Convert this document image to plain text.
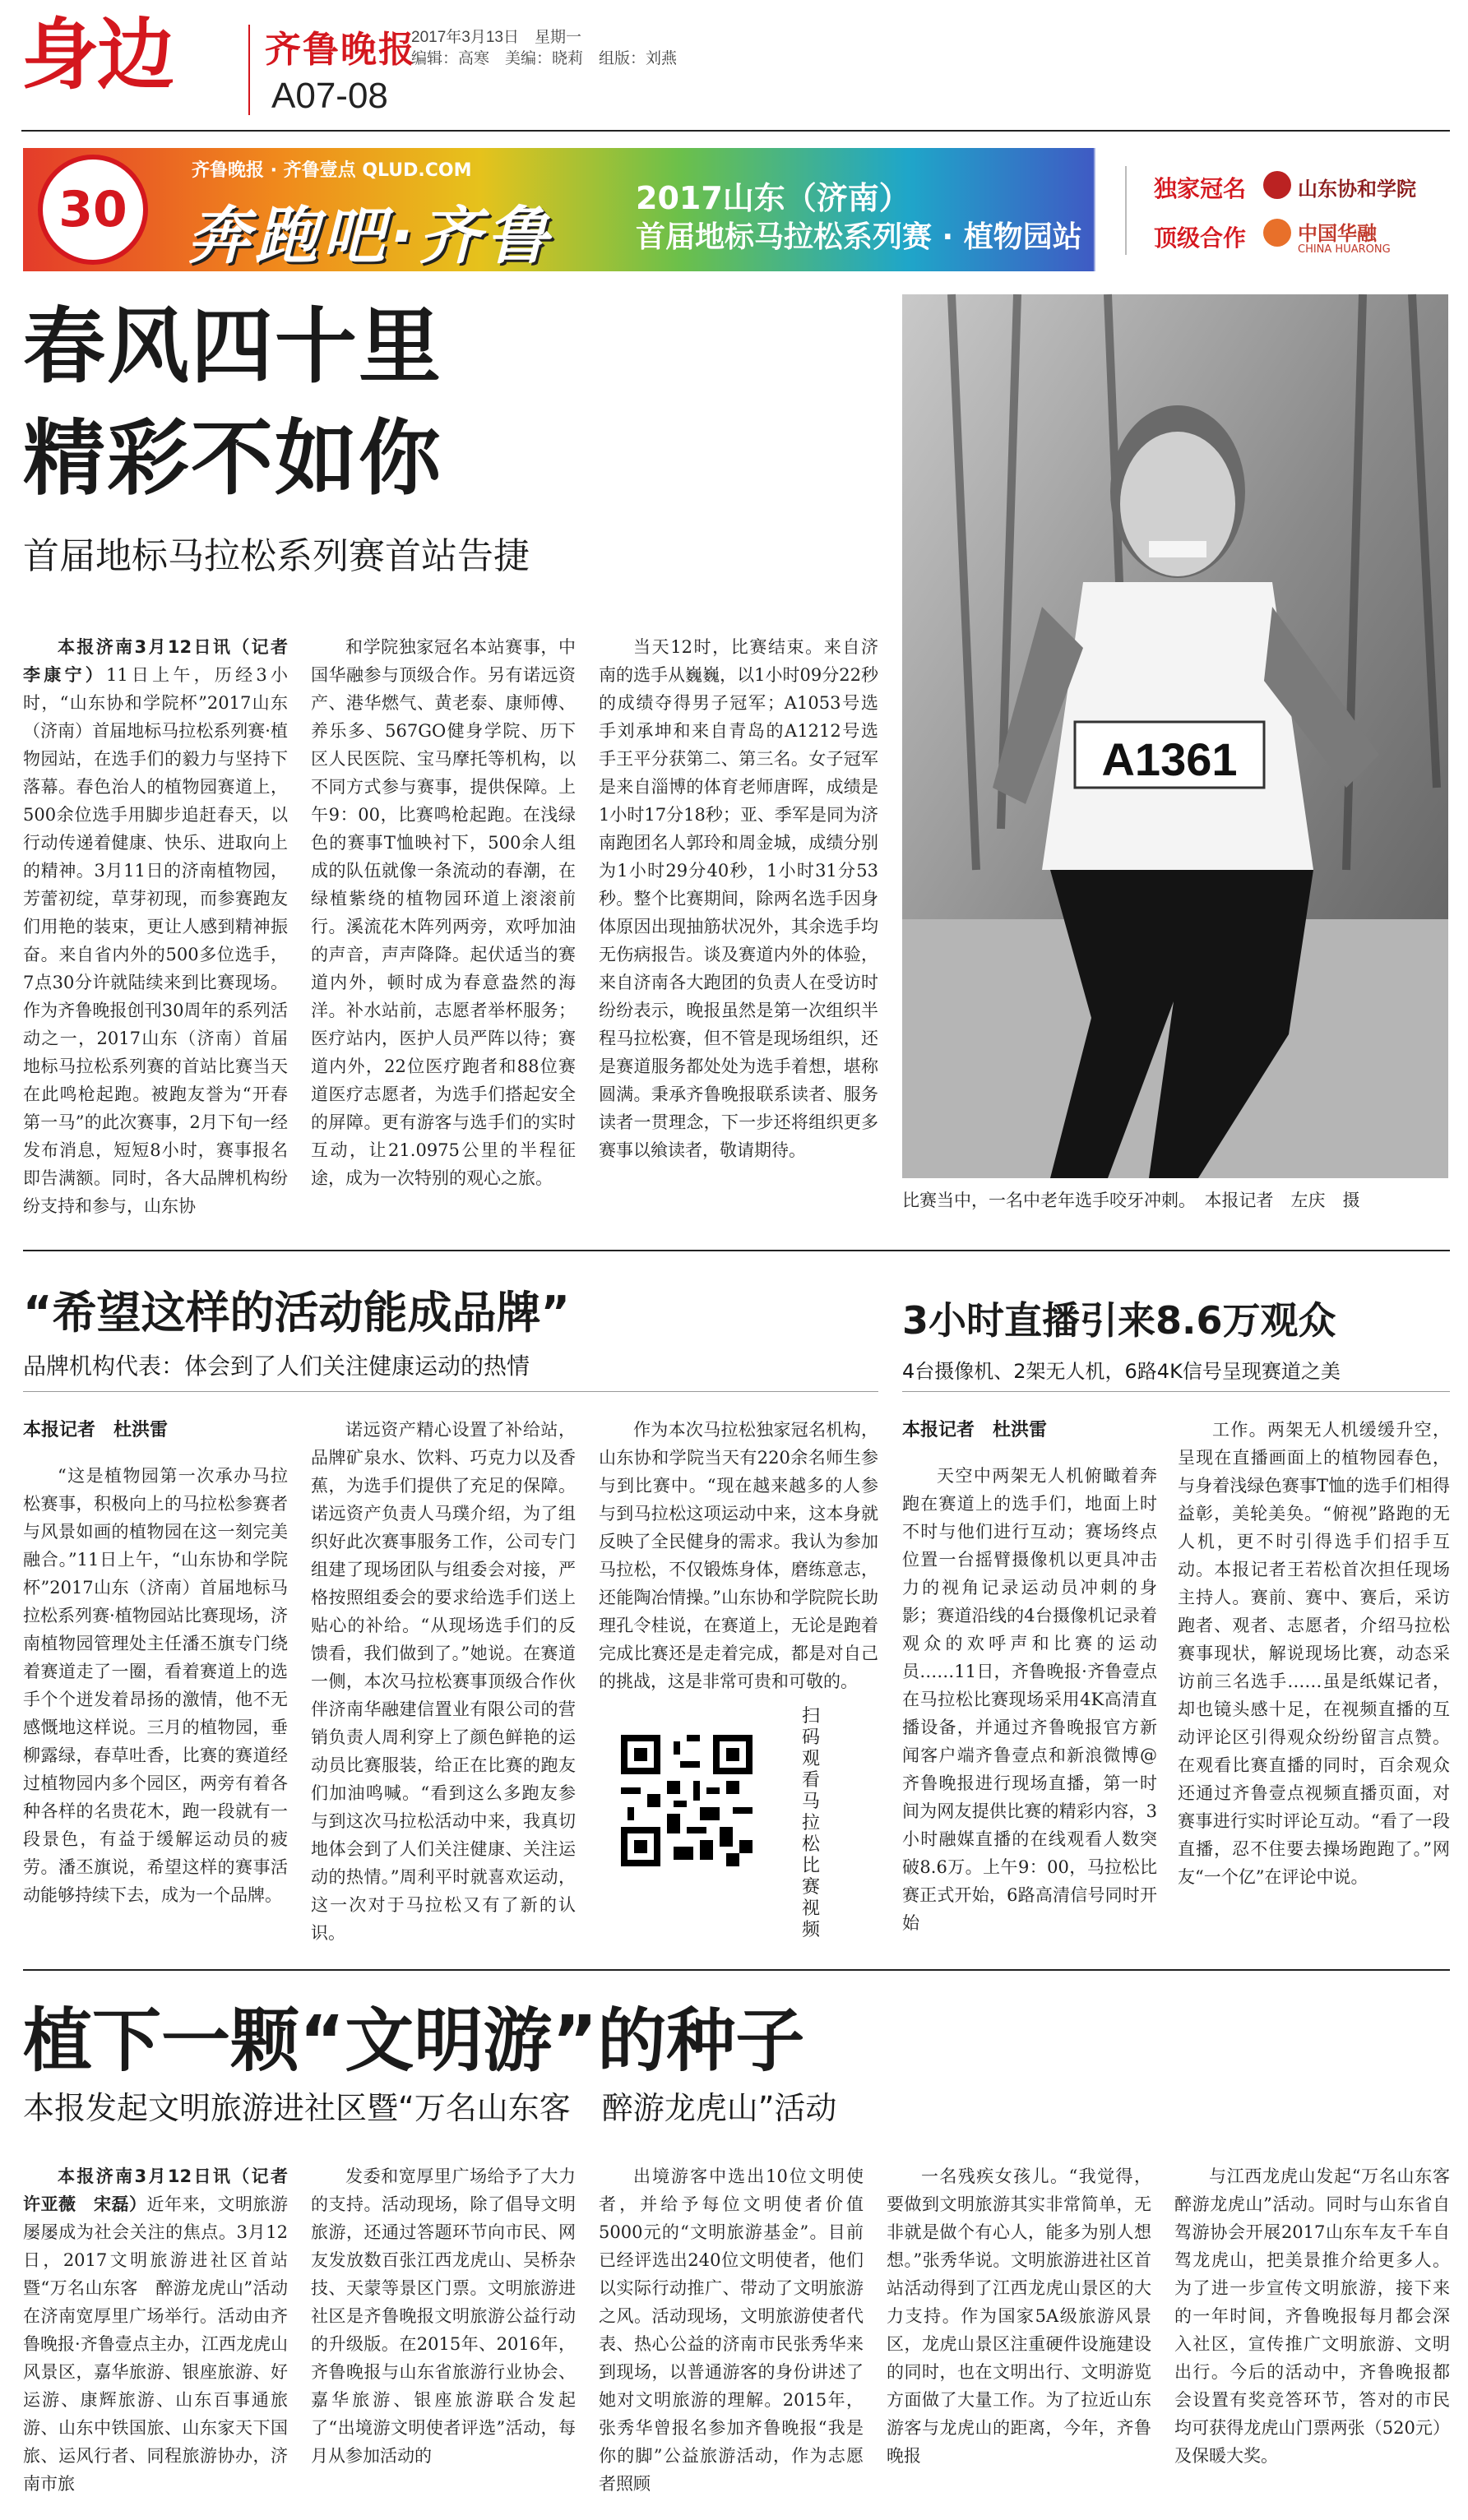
身边	齐鲁晚报
A07-08
2017年3月13日　星期一
编辑：高寒　美编：晓莉　组版：刘燕
30
齐鲁晚报 · 齐鲁壹点 QLUD.COM
奔跑吧·齐鲁
2017山东（济南）
首届地标马拉松系列赛 · 植物园站
独家冠名	山东协和学院
顶级合作	中国华融
CHINA HUARONG
春风四十里
精彩不如你
首届地标马拉松系列赛首站告捷

本报济南3月12日讯（记者 李康宁）11日上午，历经3小时，“山东协和学院杯”2017山东（济南）首届地标马拉松系列赛·植物园站，在选手们的毅力与坚持下落幕。春色治人的植物园赛道上，500余位选手用脚步追赶春天，以行动传递着健康、快乐、进取向上的精神。3月11日的济南植物园，芳蕾初绽，草芽初现，而参赛跑友们用艳的装束，更让人感到精神振奋。来自省内外的500多位选手，7点30分许就陆续来到比赛现场。作为齐鲁晚报创刊30周年的系列活动之一，2017山东（济南）首届地标马拉松系列赛的首站比赛当天在此鸣枪起跑。被跑友誉为“开春第一马”的此次赛事，2月下旬一经发布消息，短短8小时，赛事报名即告满额。同时，各大品牌机构纷纷支持和参与，山东协

和学院独家冠名本站赛事，中国华融参与顶级合作。另有诺远资产、港华燃气、黄老泰、康师傅、养乐多、567GO健身学院、历下区人民医院、宝马摩托等机构，以不同方式参与赛事，提供保障。上午9：00，比赛鸣枪起跑。在浅绿色的赛事T恤映衬下，500余人组成的队伍就像一条流动的春潮，在绿植紫绕的植物园环道上滚滚前行。溪流花木阵列两旁，欢呼加油的声音，声声降降。起伏适当的赛道内外，顿时成为春意盎然的海洋。补水站前，志愿者举杯服务；医疗站内，医护人员严阵以待；赛道内外，22位医疗跑者和88位赛道医疗志愿者，为选手们搭起安全的屏障。更有游客与选手们的实时互动，让21.0975公里的半程征途，成为一次特别的观心之旅。

当天12时，比赛结束。来自济南的选手从巍巍，以1小时09分22秒的成绩夺得男子冠军；A1053号选手刘承坤和来自青岛的A1212号选手王平分获第二、第三名。女子冠军是来自淄博的体育老师唐晖，成绩是1小时17分18秒；亚、季军是同为济南跑团名人郭玲和周金城，成绩分别为1小时29分40秒，1小时31分53秒。整个比赛期间，除两名选手因身体原因出现抽筋状况外，其余选手均无伤病报告。谈及赛道内外的体验，来自济南各大跑团的负责人在受访时纷纷表示，晚报虽然是第一次组织半程马拉松赛，但不管是现场组织，还是赛道服务都处处为选手着想，堪称圆满。秉承齐鲁晚报联系读者、服务读者一贯理念，下一步还将组织更多赛事以飨读者，敬请期待。

A1361
比赛当中，一名中老年选手咬牙冲刺。　本报记者　左庆　摄
“希望这样的活动能成品牌”
品牌机构代表：体会到了人们关注健康运动的热情
本报记者　杜洪雷

“这是植物园第一次承办马拉松赛事，积极向上的马拉松参赛者与风景如画的植物园在这一刻完美融合。”11日上午，“山东协和学院杯”2017山东（济南）首届地标马拉松系列赛·植物园站比赛现场，济南植物园管理处主任潘丕旗专门绕着赛道走了一圈，看着赛道上的选手个个迸发着昂扬的激情，他不无感慨地这样说。三月的植物园，垂柳露绿，春草吐香，比赛的赛道经过植物园内多个园区，两旁有着各种各样的名贵花木，跑一段就有一段景色，有益于缓解运动员的疲劳。潘丕旗说，希望这样的赛事活动能够持续下去，成为一个品牌。

诺远资产精心设置了补给站，品牌矿泉水、饮料、巧克力以及香蕉，为选手们提供了充足的保障。诺远资产负责人马璞介绍，为了组织好此次赛事服务工作，公司专门组建了现场团队与组委会对接，严格按照组委会的要求给选手们送上贴心的补给。“从现场选手们的反馈看，我们做到了。”她说。在赛道一侧，本次马拉松赛事顶级合作伙伴济南华融建信置业有限公司的营销负责人周利穿上了颜色鲜艳的运动员比赛服装，给正在比赛的跑友们加油鸣喊。“看到这么多跑友参与到这次马拉松活动中来，我真切地体会到了人们关注健康、关注运动的热情。”周利平时就喜欢运动，这一次对于马拉松又有了新的认识。

作为本次马拉松独家冠名机构，山东协和学院当天有220余名师生参与到比赛中。“现在越来越多的人参与到马拉松这项运动中来，这本身就反映了全民健身的需求。我认为参加马拉松，不仅锻炼身体，磨练意志，还能陶冶情操。”山东协和学院院长助理孔令桂说，在赛道上，无论是跑着完成比赛还是走着完成，都是对自己的挑战，这是非常可贵和可敬的。

扫码观看马拉松比赛视频
3小时直播引来8.6万观众
4台摄像机、2架无人机，6路4K信号呈现赛道之美
本报记者　杜洪雷

天空中两架无人机俯瞰着奔跑在赛道上的选手们，地面上时不时与他们进行互动；赛场终点位置一台摇臂摄像机以更具冲击力的视角记录运动员冲刺的身影；赛道沿线的4台摄像机记录着观众的欢呼声和比赛的运动员……11日，齐鲁晚报·齐鲁壹点在马拉松比赛现场采用4K高清直播设备，并通过齐鲁晚报官方新闻客户端齐鲁壹点和新浪微博@齐鲁晚报进行现场直播，第一时间为网友提供比赛的精彩内容，3小时融媒直播的在线观看人数突破8.6万。上午9：00，马拉松比赛正式开始，6路高清信号同时开始

工作。两架无人机缓缓升空，呈现在直播画面上的植物园春色，与身着浅绿色赛事T恤的选手们相得益彰，美轮美奂。“俯视”路跑的无人机，更不时引得选手们招手互动。本报记者王若松首次担任现场主持人。赛前、赛中、赛后，采访跑者、观者、志愿者，介绍马拉松赛事现状，解说现场比赛，动态采访前三名选手……虽是纸媒记者，却也镜头感十足，在视频直播的互动评论区引得观众纷纷留言点赞。在观看比赛直播的同时，百余观众还通过齐鲁壹点视频直播页面，对赛事进行实时评论互动。“看了一段直播，忍不住要去操场跑跑了。”网友“一个亿”在评论中说。

植下一颗“文明游”的种子
本报发起文明旅游进社区暨“万名山东客　醉游龙虎山”活动

本报济南3月12日讯（记者 许亚薇　宋磊）近年来，文明旅游屡屡成为社会关注的焦点。3月12日，2017文明旅游进社区首站暨“万名山东客　醉游龙虎山”活动在济南宽厚里广场举行。活动由齐鲁晚报·齐鲁壹点主办，江西龙虎山风景区，嘉华旅游、银座旅游、好运游、康辉旅游、山东百事通旅游、山东中铁国旅、山东家天下国旅、运风行者、同程旅游协办，济南市旅

发委和宽厚里广场给予了大力的支持。活动现场，除了倡导文明旅游，还通过答题环节向市民、网友发放数百张江西龙虎山、吴桥杂技、天蒙等景区门票。文明旅游进社区是齐鲁晚报文明旅游公益行动的升级版。在2015年、2016年，齐鲁晚报与山东省旅游行业协会、嘉华旅游、银座旅游联合发起了“出境游文明使者评选”活动，每月从参加活动的

出境游客中选出10位文明使者，并给予每位文明使者价值5000元的“文明旅游基金”。目前已经评选出240位文明使者，他们以实际行动推广、带动了文明旅游之风。活动现场，文明旅游使者代表、热心公益的济南市民张秀华来到现场，以普通游客的身份讲述了她对文明旅游的理解。2015年，张秀华曾报名参加齐鲁晚报“我是你的脚”公益旅游活动，作为志愿者照顾

一名残疾女孩儿。“我觉得，要做到文明旅游其实非常简单，无非就是做个有心人，能多为别人想想。”张秀华说。文明旅游进社区首站活动得到了江西龙虎山景区的大力支持。作为国家5A级旅游风景区，龙虎山景区注重硬件设施建设的同时，也在文明出行、文明游览方面做了大量工作。为了拉近山东游客与龙虎山的距离，今年，齐鲁晚报

与江西龙虎山发起“万名山东客　醉游龙虎山”活动。同时与山东省自驾游协会开展2017山东车友千车自驾龙虎山，把美景推介给更多人。为了进一步宣传文明旅游，接下来的一年时间，齐鲁晚报每月都会深入社区，宣传推广文明旅游、文明出行。今后的活动中，齐鲁晚报都会设置有奖竞答环节，答对的市民均可获得龙虎山门票两张（520元）及保暖大奖。
